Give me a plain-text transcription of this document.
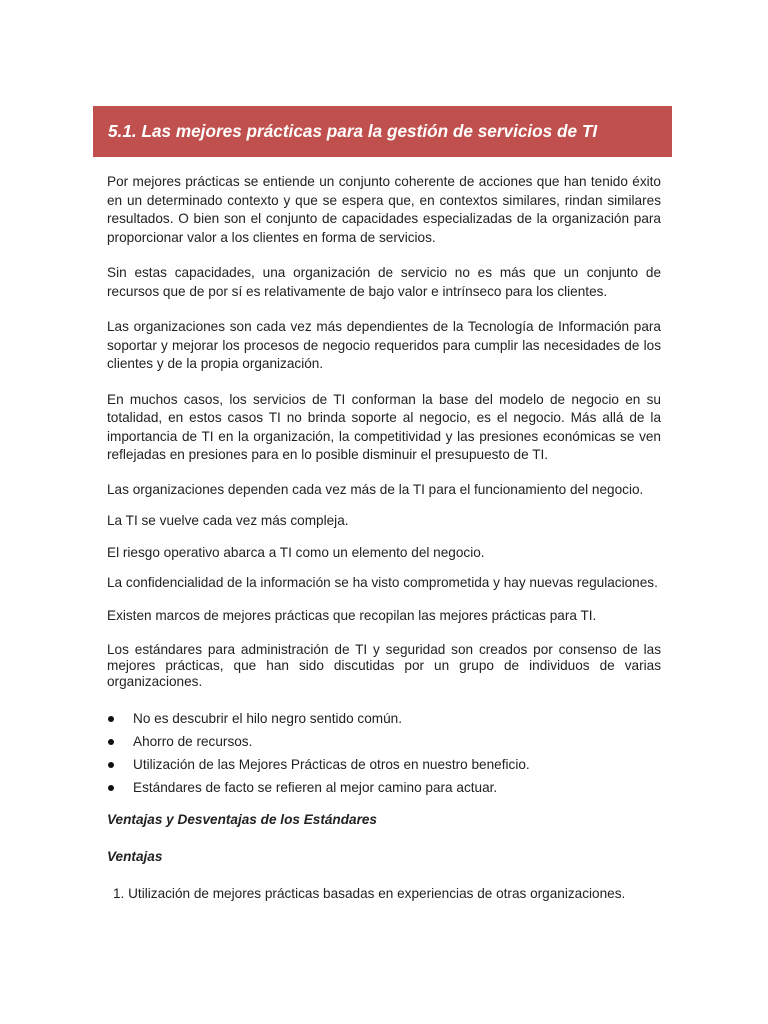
5.1. Las mejores prácticas para la gestión de servicios de TI

Por mejores prácticas se entiende un conjunto coherente de acciones que han tenido éxito en un determinado contexto y que se espera que, en contextos similares, rindan similares resultados. O bien son el conjunto de capacidades especializadas de la organización para proporcionar valor a los clientes en forma de servicios.

Sin estas capacidades, una organización de servicio no es más que un conjunto de recursos que de por sí es relativamente de bajo valor e intrínseco para los clientes.

Las organizaciones son cada vez más dependientes de la Tecnología de Información para soportar y mejorar los procesos de negocio requeridos para cumplir las necesidades de los clientes y de la propia organización.

En muchos casos, los servicios de TI conforman la base del modelo de negocio en su totalidad, en estos casos TI no brinda soporte al negocio, es el negocio. Más allá de la importancia de TI en la organización, la competitividad y las presiones económicas se ven reflejadas en presiones para en lo posible disminuir el presupuesto de TI.

Las organizaciones dependen cada vez más de la TI para el funcionamiento del negocio.

La TI se vuelve cada vez más compleja.

El riesgo operativo abarca a TI como un elemento del negocio.

La confidencialidad de la información se ha visto comprometida y hay nuevas regulaciones.

Existen marcos de mejores prácticas que recopilan las mejores prácticas para TI.

Los estándares para administración de TI y seguridad son creados por consenso de las mejores prácticas, que han sido discutidas por un grupo de individuos de varias organizaciones.

No es descubrir el hilo negro sentido común.
Ahorro de recursos.
Utilización de las Mejores Prácticas de otros en nuestro beneficio.
Estándares de facto se refieren al mejor camino para actuar.

Ventajas y Desventajas de los Estándares

Ventajas

1. Utilización de mejores prácticas basadas en experiencias de otras organizaciones.
